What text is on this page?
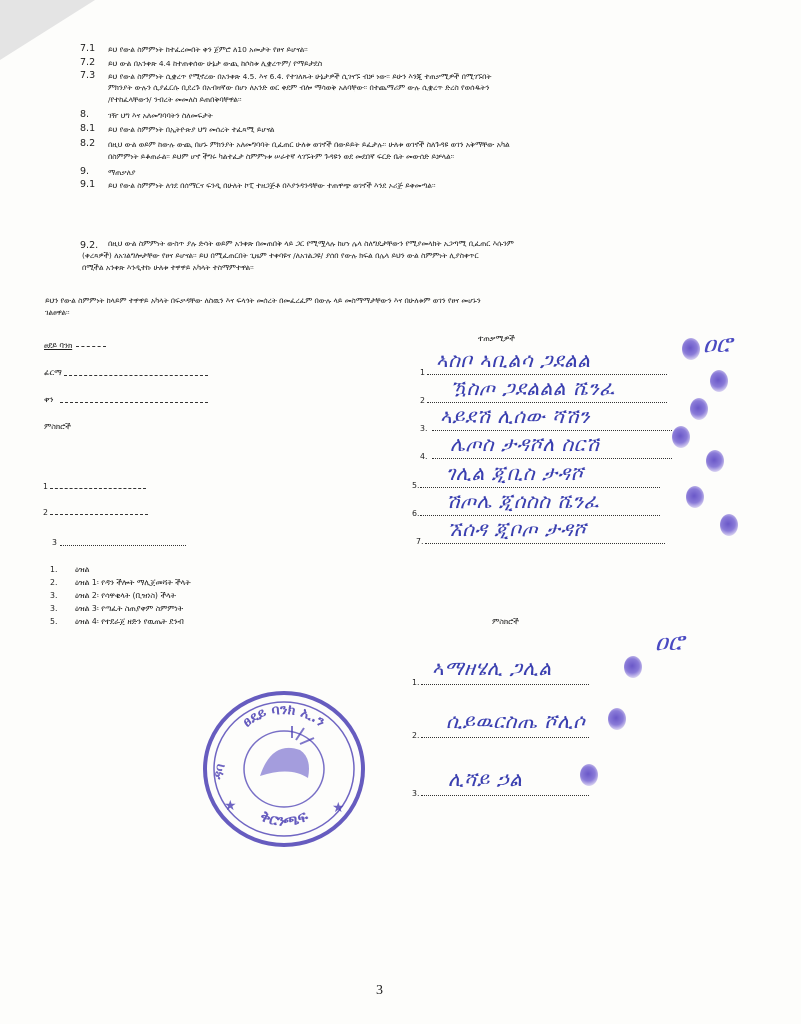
7.1 ይህ የውል ስምምነት ከተፈረመበት ቀን ጀምሮ ለ10 አመታት የፀና ይሆናል፡፡
7.2 ይህ ውል በአንቀጽ 4.4 ከተጠቀሰው ሁኔታ ውጪ ከሶስቱ ሊቋረጥም/ የማይታደስ
7.3 ይህ የውል ስምምነት ሲቋረጥ የሚኖረው በአንቀጽ 4.5. እና 6.4. የተገለጹት ሁኔታዎች ሲገናኙ ብቻ ነው፡፡ ይሁን እንጂ ተጠቃሚዎች በሚገኙበት
ምክንያት ውሉን ሲያፈርሱ ቢደረጉ በአብዛኛው በሆነ ለአንድ ወር ቀደም ብሎ ማሳወቅ አለባቸው፡፡ በተጨማሪም ውሉ ሲቋረጥ ድረስ የወሰዱትን
/የተከፈላቸውን/ ንብረት መመለስ ይጠበቅባቸዋል፡፡
8.	ገዥ ህግ እና አለመግባባትን ስለመፍታት
8.1 ይህ የውል ስምምነት በኢትዮጵያ ህግ መሰረት ተፈጻሚ ይሆናል
8.2 በዚህ ውል ወይም ከውሉ ውጪ በሆኑ ምክንያት አለመግባባት ቢፈጠር ሁለቱ ወገኖች በውይይት ይፈታሉ፡፡ ሁለቱ ወገኖች ስለጉዳዩ ወገን አቅማቸው አካል
በስምምነት ይቆጠራል፡፡ ይህም ሆኖ ችግሩ ካልተፈታ ስምምነቱ ሠራተኛ ላገኙትም ጉዳዩን ወደ መደበኛ ፍርድ ቤት መውሰድ ይቻላል፡፡
9.	ማጠቃለያ
9.1 ይህ የውል ስምምነት ለጎደ በሰማርና ፍንዲ በሁለት ኮፒ ተዘጋጅቶ በእያንዳንዳቸው ተጠዋጭ ወገኖች እንደ ኦሪጅ ይቀመጣል፡፡
9.2. በዚህ ውል ስምምነት ውስጥ ያሉ ድሳት ወይም አንቀጽ በመጠበቅ ላይ ጋር የሚሟላሉ ከሆነ ሌላ ስለግዴታቸውን የሚያመላክት አጋጣሚ ቢፈጠር እሱንም
(ቀረጻዎች) ለአገልግሎታቸው የፀና ይሆናል፡፡ ይህ በሚፈጠርበት ጊዜም ተቀባዩና /ለአገልጋዩ/ ያሰበ የውሉ ክፍል በሌላ ይህን ውል ስምምነት ሊያስቀጥር
በሚችል አንቀጽ እንዲተኩ ሁለቱ ተዋዋይ አካላት ተስማምተዋል፡፡
ይህን የውል ስምምነት ከላይም ተዋዋይ አካላት በፍቃዳቸው ለስዉን እና ፍላጎት መሰረት በመፈረፈም በውሉ ላይ መስማማታቸውን እና በሁለቱም ወገን የፀና መሆኑን
ገልፀዋል፡፡
ፀደይ ባንክ
ፊርማ
ቀን
ምስክሮች
1
2
3
1. ዕዝል
2. ዕዝል 1፡ የዳን ችሎት ማሊጀመሻት ችላት
3. ዕዝል 2፡ የሳዋቂላት (ቢዝነስ) ችላት
3. ዕዝል 3፡ የጣፈት ስጠያቀም ስምምነት
5. ዕዝል 4፡ የተደራጀ ዘድን የዉጤት ደንብ
ተጠቃሚዎች
1
ኣስቦ ኣቢልሳ ጋደልል
2
ዃስጦ ጋደልልል ሼንፈ
3.
ኣይደሽ ሊሰው ሻሽን
4.
ሌጦስ ታዳሾለ ስርሽ
5.
ገሊል ጂቢስ ታዳሾ
6.
ሽጦሌ ጂሰስስ ሼንፈ
7.
ኧሰዳ ጂቦጦ ታዳሾ
ምስክሮች
1.
ኣማዘሄሊ ጋሊል
2.
ሲይዉርስጤ ሾሊሶ
3.
ሊሻይ ኃል
ዐሮ
ዐሮ
ፀደይ ባንክ ኢ.ን
ቅርንጫፍ
ዳባ
★
★
3
